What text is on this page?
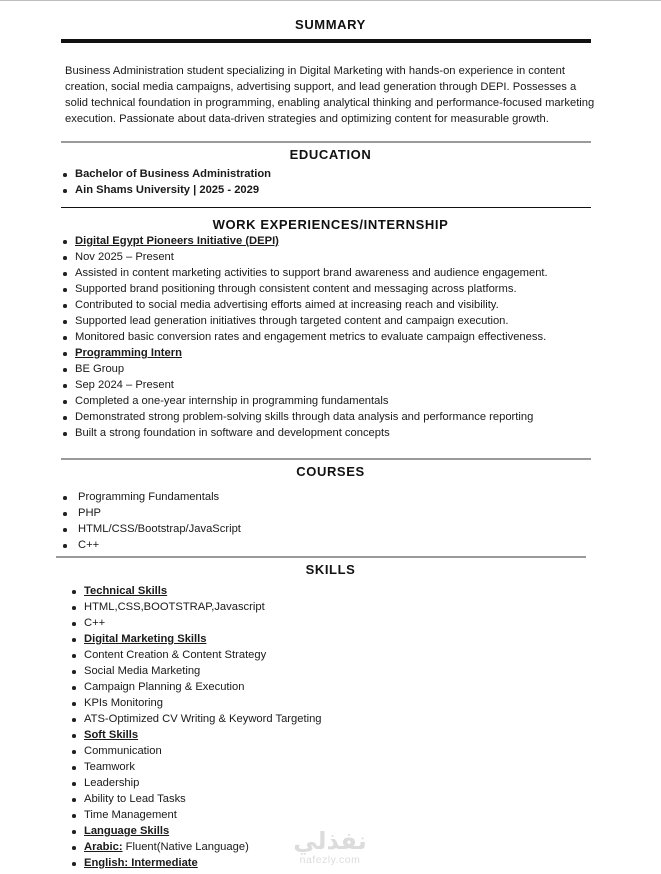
SUMMARY
Business Administration student specializing in Digital Marketing with hands-on experience in content creation, social media campaigns, advertising support, and lead generation through DEPI. Possesses a solid technical foundation in programming, enabling analytical thinking and performance-focused marketing execution. Passionate about data-driven strategies and optimizing content for measurable growth.
EDUCATION
Bachelor of Business Administration
Ain Shams University | 2025 - 2029
WORK EXPERIENCES/INTERNSHIP
Digital Egypt Pioneers Initiative (DEPI)
Nov 2025 – Present
Assisted in content marketing activities to support brand awareness and audience engagement.
Supported brand positioning through consistent content and messaging across platforms.
Contributed to social media advertising efforts aimed at increasing reach and visibility.
Supported lead generation initiatives through targeted content and campaign execution.
Monitored basic conversion rates and engagement metrics to evaluate campaign effectiveness.
Programming Intern
BE Group
Sep 2024 – Present
Completed a one-year internship in programming fundamentals
Demonstrated strong problem-solving skills through data analysis and performance reporting
Built a strong foundation in software and development concepts
COURSES
Programming Fundamentals
PHP
HTML/CSS/Bootstrap/JavaScript
C++
SKILLS
Technical Skills
HTML,CSS,BOOTSTRAP,Javascript
C++
Digital Marketing Skills
Content Creation & Content Strategy
Social Media Marketing
Campaign Planning & Execution
KPIs Monitoring
ATS-Optimized CV Writing & Keyword Targeting
Soft Skills
Communication
Teamwork
Leadership
Ability to Lead Tasks
Time Management
Language Skills
Arabic: Fluent(Native Language)
English: Intermediate
نفذلي
nafezly.com
